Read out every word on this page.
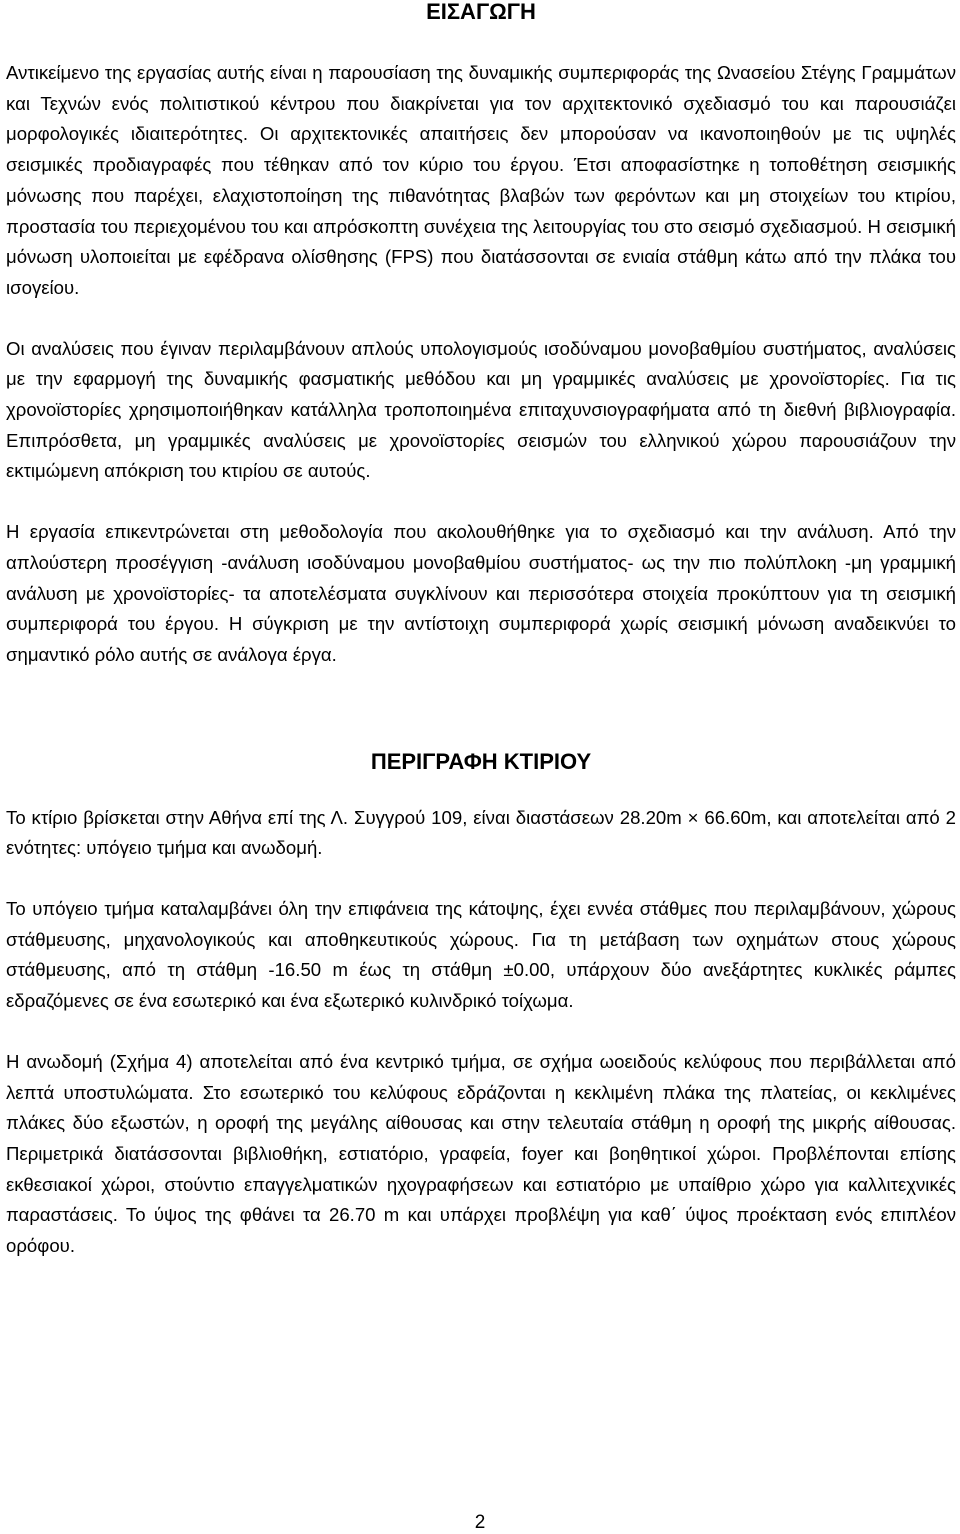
ΕΙΣΑΓΩΓΗ

Αντικείμενο της εργασίας αυτής είναι η παρουσίαση της δυναμικής συμπεριφοράς της Ωνασείου Στέγης Γραμμάτων και Τεχνών ενός πολιτιστικού κέντρου που διακρίνεται για τον αρχιτεκτονικό σχεδιασμό του και παρουσιάζει μορφολογικές ιδιαιτερότητες. Οι αρχιτεκτονικές απαιτήσεις δεν μπορούσαν να ικανοποιηθούν με τις υψηλές σεισμικές προδιαγραφές που τέθηκαν από τον κύριο του έργου. Έτσι αποφασίστηκε η τοποθέτηση σεισμικής μόνωσης που παρέχει, ελαχιστοποίηση της πιθανότητας βλαβών των φερόντων και μη στοιχείων του κτιρίου, προστασία του περιεχομένου του και απρόσκοπτη συνέχεια της λειτουργίας του στο σεισμό σχεδιασμού. Η σεισμική μόνωση υλοποιείται με εφέδρανα ολίσθησης (FPS) που διατάσσονται σε ενιαία στάθμη κάτω από την πλάκα του ισογείου.

Οι αναλύσεις που έγιναν περιλαμβάνουν απλούς υπολογισμούς ισοδύναμου μονοβαθμίου συστήματος, αναλύσεις με την εφαρμογή της δυναμικής φασματικής μεθόδου και μη γραμμικές αναλύσεις με χρονοϊστορίες. Για τις χρονοϊστορίες χρησιμοποιήθηκαν κατάλληλα τροποποιημένα επιταχυνσιογραφήματα από τη διεθνή βιβλιογραφία. Επιπρόσθετα, μη γραμμικές αναλύσεις με χρονοϊστορίες σεισμών του ελληνικού χώρου παρουσιάζουν την εκτιμώμενη απόκριση του κτιρίου σε αυτούς.

Η εργασία επικεντρώνεται στη μεθοδολογία που ακολουθήθηκε για το σχεδιασμό και την ανάλυση. Από την απλούστερη προσέγγιση -ανάλυση ισοδύναμου μονοβαθμίου συστήματος- ως την πιο πολύπλοκη -μη γραμμική ανάλυση με χρονοϊστορίες- τα αποτελέσματα συγκλίνουν και περισσότερα στοιχεία προκύπτουν για τη σεισμική συμπεριφορά του έργου. Η σύγκριση με την αντίστοιχη συμπεριφορά χωρίς σεισμική μόνωση αναδεικνύει το σημαντικό ρόλο αυτής σε ανάλογα έργα.

ΠΕΡΙΓΡΑΦΗ ΚΤΙΡΙΟΥ

Το κτίριο βρίσκεται στην Αθήνα επί της Λ. Συγγρού 109, είναι διαστάσεων 28.20m × 66.60m, και αποτελείται από 2 ενότητες: υπόγειο τμήμα και ανωδομή.

Το υπόγειο τμήμα καταλαμβάνει όλη την επιφάνεια της κάτοψης, έχει εννέα στάθμες που περιλαμβάνουν, χώρους στάθμευσης, μηχανολογικούς και αποθηκευτικούς χώρους. Για τη μετάβαση των οχημάτων στους χώρους στάθμευσης, από τη στάθμη -16.50 m έως τη στάθμη ±0.00, υπάρχουν δύο ανεξάρτητες κυκλικές ράμπες εδραζόμενες σε ένα εσωτερικό και ένα εξωτερικό κυλινδρικό τοίχωμα.

Η ανωδομή (Σχήμα 4) αποτελείται από ένα κεντρικό τμήμα, σε σχήμα ωοειδούς κελύφους που περιβάλλεται από λεπτά υποστυλώματα. Στο εσωτερικό του κελύφους εδράζονται η κεκλιμένη πλάκα της πλατείας, οι κεκλιμένες πλάκες δύο εξωστών, η οροφή της μεγάλης αίθουσας και στην τελευταία στάθμη η οροφή της μικρής αίθουσας. Περιμετρικά διατάσσονται βιβλιοθήκη, εστιατόριο, γραφεία, foyer και βοηθητικοί χώροι. Προβλέπονται επίσης εκθεσιακοί χώροι, στούντιο επαγγελματικών ηχογραφήσεων και εστιατόριο με υπαίθριο χώρο για καλλιτεχνικές παραστάσεις. Το ύψος της φθάνει τα 26.70 m και υπάρχει προβλέψη για καθ΄ ύψος προέκταση ενός επιπλέον ορόφου.

2
